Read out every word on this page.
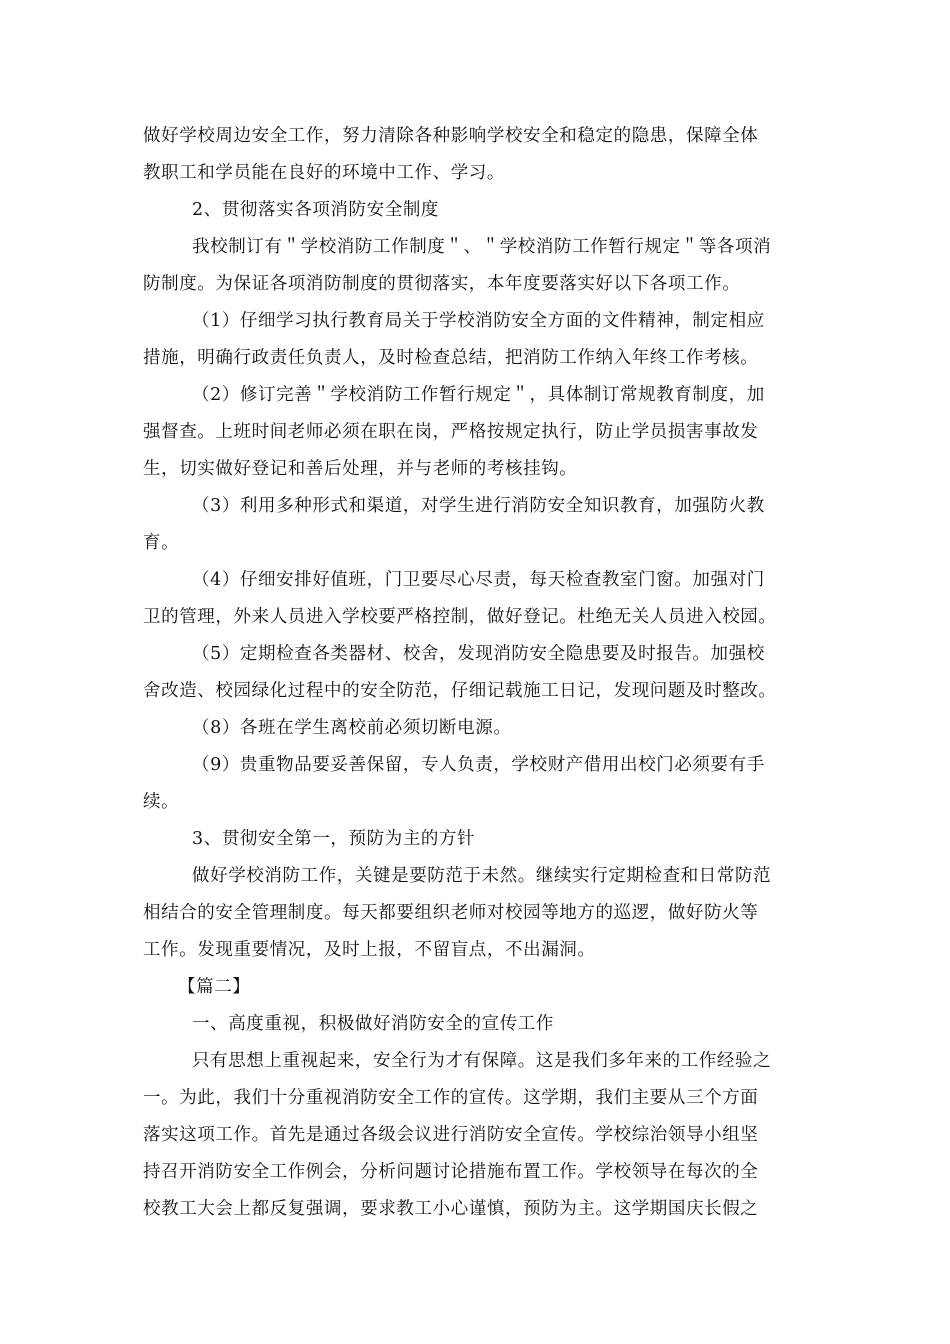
做好学校周边安全工作，努力清除各种影响学校安全和稳定的隐患，保障全体
教职工和学员能在良好的环境中工作、学习。
2、贯彻落实各项消防安全制度
我校制订有＂学校消防工作制度＂、＂学校消防工作暂行规定＂等各项消
防制度。为保证各项消防制度的贯彻落实，本年度要落实好以下各项工作。
（1）仔细学习执行教育局关于学校消防安全方面的文件精神，制定相应
措施，明确行政责任负责人，及时检查总结，把消防工作纳入年终工作考核。
（2）修订完善＂学校消防工作暂行规定＂，具体制订常规教育制度，加
强督查。上班时间老师必须在职在岗，严格按规定执行，防止学员损害事故发
生，切实做好登记和善后处理，并与老师的考核挂钩。
（3）利用多种形式和渠道，对学生进行消防安全知识教育，加强防火教
育。
（4）仔细安排好值班，门卫要尽心尽责，每天检查教室门窗。加强对门
卫的管理，外来人员进入学校要严格控制，做好登记。杜绝无关人员进入校园。
（5）定期检查各类器材、校舍，发现消防安全隐患要及时报告。加强校
舍改造、校园绿化过程中的安全防范，仔细记载施工日记，发现问题及时整改。
（8）各班在学生离校前必须切断电源。
（9）贵重物品要妥善保留，专人负责，学校财产借用出校门必须要有手
续。
3、贯彻安全第一，预防为主的方针
做好学校消防工作，关键是要防范于未然。继续实行定期检查和日常防范
相结合的安全管理制度。每天都要组织老师对校园等地方的巡逻，做好防火等
工作。发现重要情况，及时上报，不留盲点，不出漏洞。
【篇二】
一、高度重视，积极做好消防安全的宣传工作
只有思想上重视起来，安全行为才有保障。这是我们多年来的工作经验之
一。为此，我们十分重视消防安全工作的宣传。这学期，我们主要从三个方面
落实这项工作。首先是通过各级会议进行消防安全宣传。学校综治领导小组坚
持召开消防安全工作例会，分析问题讨论措施布置工作。学校领导在每次的全
校教工大会上都反复强调，要求教工小心谨慎，预防为主。这学期国庆长假之
